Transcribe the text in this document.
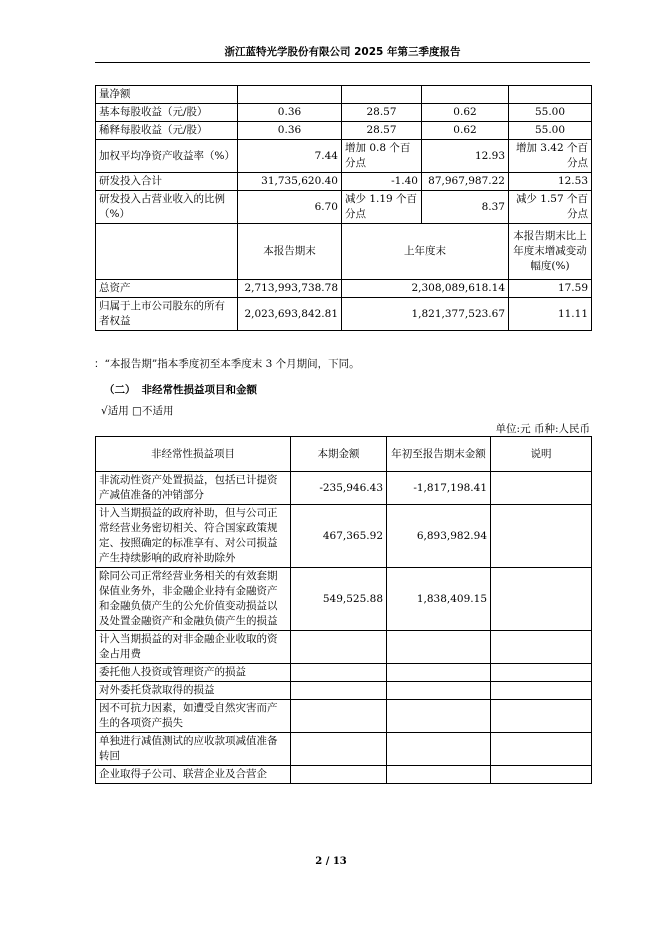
浙江蓝特光学股份有限公司 2025 年第三季度报告
量净额				
基本每股收益（元/股）	0.36	28.57	0.62	55.00
稀释每股收益（元/股）	0.36	28.57	0.62	55.00
加权平均净资产收益率（%）	7.44	增加 0.8 个百分点	12.93	增加 3.42 个百分点
研发投入合计	31,735,620.40	-1.40	87,967,987.22	12.53
研发投入占营业收入的比例（%）	6.70	减少 1.19 个百分点	8.37	减少 1.57 个百分点
	本报告期末	上年度末		本报告期末比上年度末增减变动幅度(%)
总资产	2,713,993,738.78	2,308,089,618.14		17.59
归属于上市公司股东的所有者权益	2,023,693,842.81	1,821,377,523.67		11.11
：“本报告期”指本季度初至本季度末 3 个月期间，下同。
（二） 非经常性损益项目和金额
√适用 □不适用
单位:元 币种:人民币
非经常性损益项目	本期金额	年初至报告期末金额	说明
非流动性资产处置损益，包括已计提资产减值准备的冲销部分	-235,946.43	-1,817,198.41	
计入当期损益的政府补助，但与公司正常经营业务密切相关、符合国家政策规定、按照确定的标准享有、对公司损益产生持续影响的政府补助除外	467,365.92	6,893,982.94	
除同公司正常经营业务相关的有效套期保值业务外，非金融企业持有金融资产和金融负债产生的公允价值变动损益以及处置金融资产和金融负债产生的损益	549,525.88	1,838,409.15	
计入当期损益的对非金融企业收取的资金占用费			
委托他人投资或管理资产的损益			
对外委托贷款取得的损益			
因不可抗力因素，如遭受自然灾害而产生的各项资产损失			
单独进行减值测试的应收款项减值准备转回			
企业取得子公司、联营企业及合营企			
2 / 13
